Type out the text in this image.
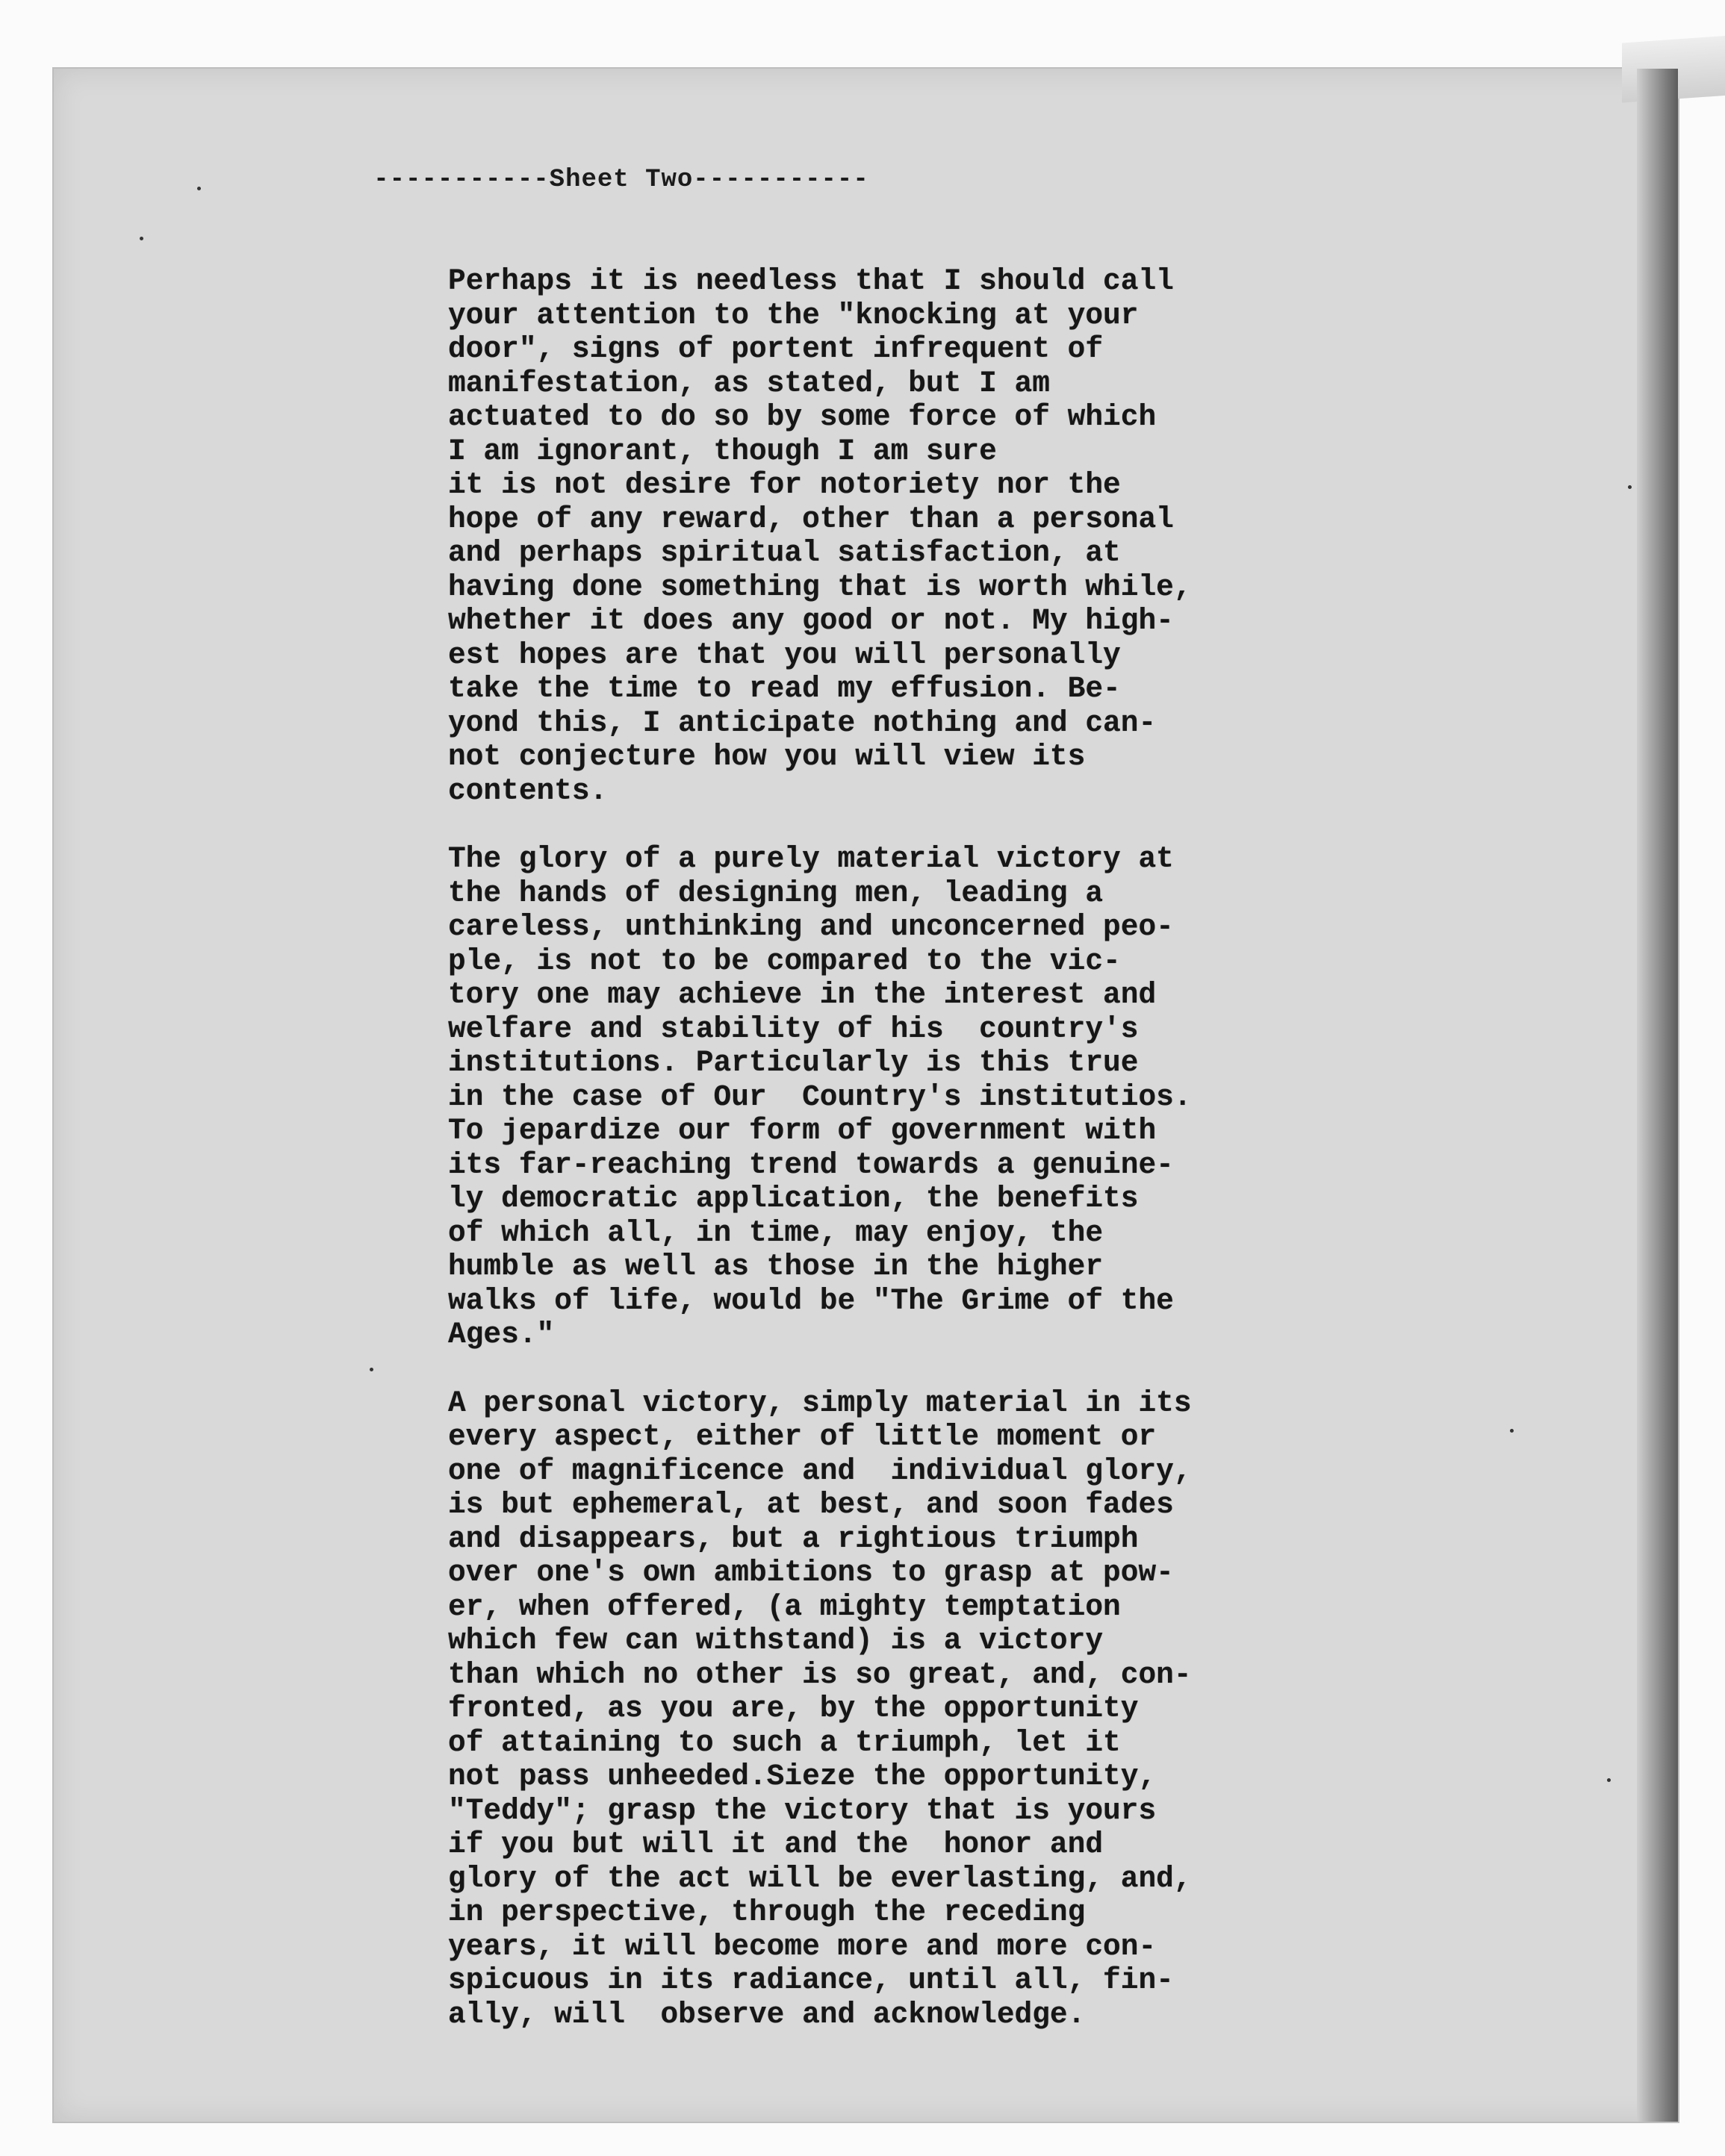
-----------Sheet Two-----------

Perhaps it is needless that I should call
your attention to the "knocking at your
door", signs of portent infrequent of
manifestation, as stated, but I am
actuated to do so by some force of which
I am ignorant, though I am sure
it is not desire for notoriety nor the
hope of any reward, other than a personal
and perhaps spiritual satisfaction, at
having done something that is worth while,
whether it does any good or not. My high-
est hopes are that you will personally
take the time to read my effusion. Be-
yond this, I anticipate nothing and can-
not conjecture how you will view its
contents.

The glory of a purely material victory at
the hands of designing men, leading a
careless, unthinking and unconcerned peo-
ple, is not to be compared to the vic-
tory one may achieve in the interest and
welfare and stability of his  country's
institutions. Particularly is this true
in the case of Our  Country's institutios.
To jepardize our form of government with
its far-reaching trend towards a genuine-
ly democratic application, the benefits
of which all, in time, may enjoy, the
humble as well as those in the higher
walks of life, would be "The Grime of the
Ages."

A personal victory, simply material in its
every aspect, either of little moment or
one of magnificence and  individual glory,
is but ephemeral, at best, and soon fades
and disappears, but a rightious triumph
over one's own ambitions to grasp at pow-
er, when offered, (a mighty temptation
which few can withstand) is a victory
than which no other is so great, and, con-
fronted, as you are, by the opportunity
of attaining to such a triumph, let it
not pass unheeded.Sieze the opportunity,
"Teddy"; grasp the victory that is yours
if you but will it and the  honor and
glory of the act will be everlasting, and,
in perspective, through the receding
years, it will become more and more con-
spicuous in its radiance, until all, fin-
ally, will  observe and acknowledge.
